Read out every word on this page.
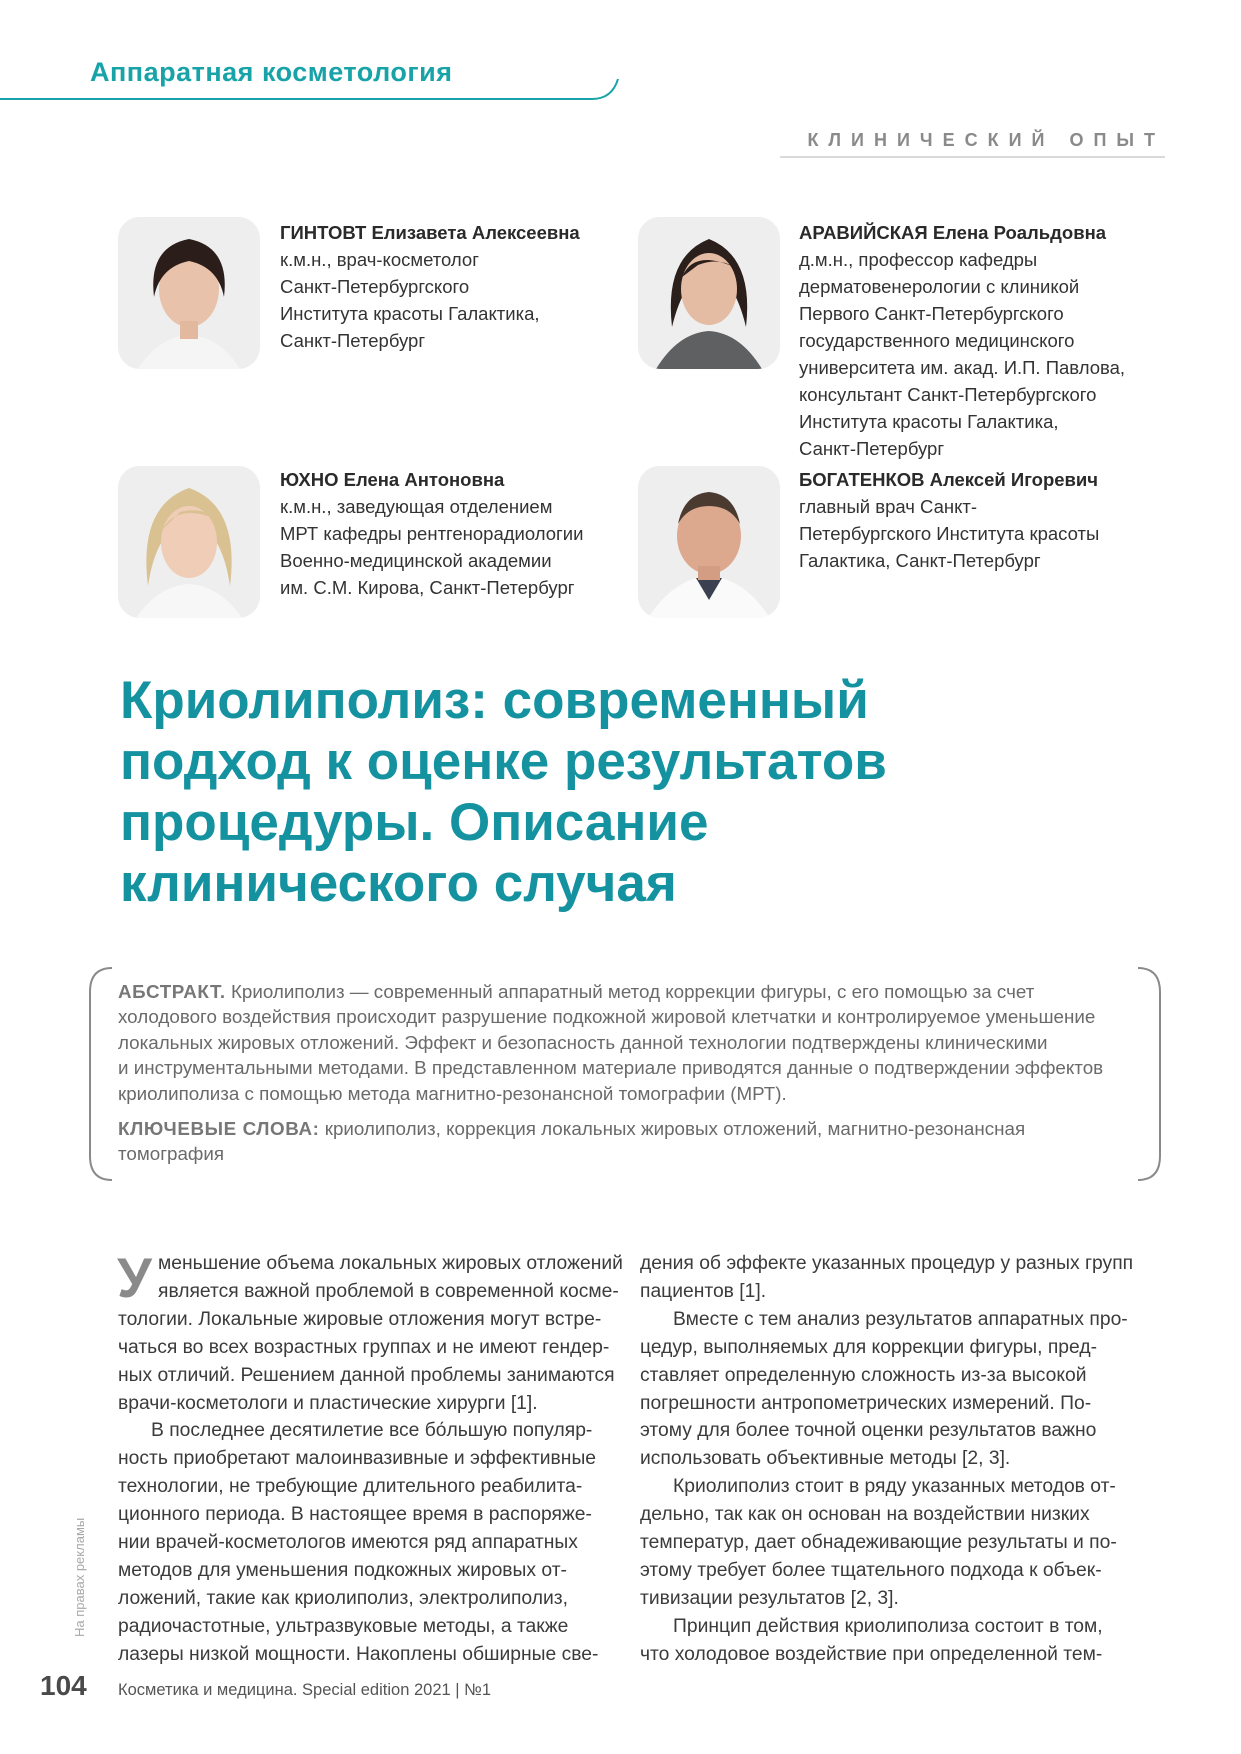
Аппаратная косметология
КЛИНИЧЕСКИЙ ОПЫТ
ГИНТОВТ Елизавета Алексеевна
к.м.н., врач-косметолог
Санкт-Петербургского
Института красоты Галактика,
Санкт-Петербург
АРАВИЙСКАЯ Елена Роальдовна
д.м.н., профессор кафедры
дерматовенерологии с клиникой
Первого Санкт-Петербургского
государственного медицинского
университета им. акад. И.П. Павлова,
консультант Санкт-Петербургского
Института красоты Галактика,
Санкт-Петербург
ЮХНО Елена Антоновна
к.м.н., заведующая отделением
МРТ кафедры рентгенорадиологии
Военно-медицинской академии
им. С.М. Кирова, Санкт-Петербург
БОГАТЕНКОВ Алексей Игоревич
главный врач Санкт-
Петербургского Института красоты
Галактика, Санкт-Петербург
Криолиполиз: современный
подход к оценке результатов
процедуры. Описание
клинического случая
АБСТРАКТ. Криолиполиз — современный аппаратный метод коррекции фигуры, с его помощью за счет
холодового воздействия происходит разрушение подкожной жировой клетчатки и контролируемое уменьшение
локальных жировых отложений. Эффект и безопасность данной технологии подтверждены клиническими
и инструментальными методами. В представленном материале приводятся данные о подтверждении эффектов
криолиполиза с помощью метода магнитно-резонансной томографии (МРТ).
КЛЮЧЕВЫЕ СЛОВА: криолиполиз, коррекция локальных жировых отложений, магнитно-резонансная
томография
У меньшение объема локальных жировых отложений
является важной проблемой в современной косме-
тологии. Локальные жировые отложения могут встре-
чаться во всех возрастных группах и не имеют гендер-
ных отличий. Решением данной проблемы занимаются
врачи-косметологи и пластические хирурги [1].
В последнее десятилетие все бо́льшую популяр-
ность приобретают малоинвазивные и эффективные
технологии, не требующие длительного реабилита-
ционного периода. В настоящее время в распоряже-
нии врачей-косметологов имеются ряд аппаратных
методов для уменьшения подкожных жировых от-
ложений, такие как криолиполиз, электролиполиз,
радиочастотные, ультразвуковые методы, а также
лазеры низкой мощности. Накоплены обширные све-
дения об эффекте указанных процедур у разных групп
пациентов [1].
Вместе с тем анализ результатов аппаратных про-
цедур, выполняемых для коррекции фигуры, пред-
ставляет определенную сложность из-за высокой
погрешности антропометрических измерений. По-
этому для более точной оценки результатов важно
использовать объективные методы [2, 3].
Криолиполиз стоит в ряду указанных методов от-
дельно, так как он основан на воздействии низких
температур, дает обнадеживающие результаты и по-
этому требует более тщательного подхода к объек-
тивизации результатов [2, 3].
Принцип действия криолиполиза состоит в том,
что холодовое воздействие при определенной тем-
На правах рекламы
104 Косметика и медицина. Special edition 2021 | №1
